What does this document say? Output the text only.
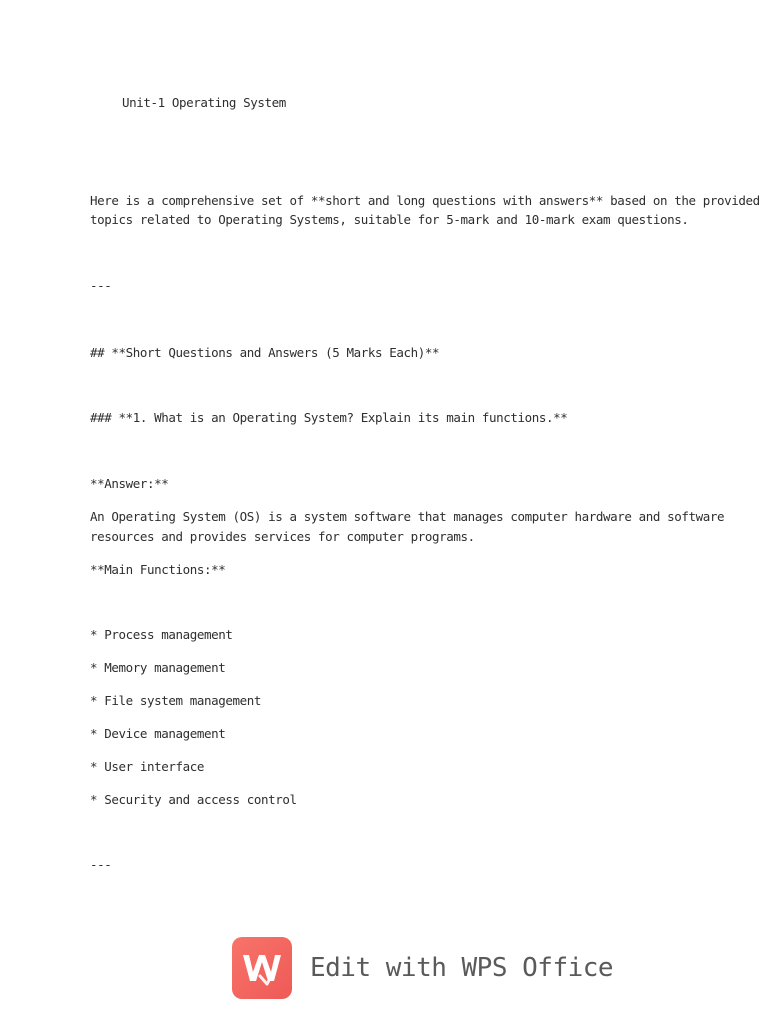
Unit-1 Operating System
Here is a comprehensive set of **short and long questions with answers** based on the provided
topics related to Operating Systems, suitable for 5-mark and 10-mark exam questions.
---
## **Short Questions and Answers (5 Marks Each)**
### **1. What is an Operating System? Explain its main functions.**
**Answer:**
An Operating System (OS) is a system software that manages computer hardware and software
resources and provides services for computer programs.
**Main Functions:**
* Process management
* Memory management
* File system management
* Device management
* User interface
* Security and access control
---
Edit with WPS Office
